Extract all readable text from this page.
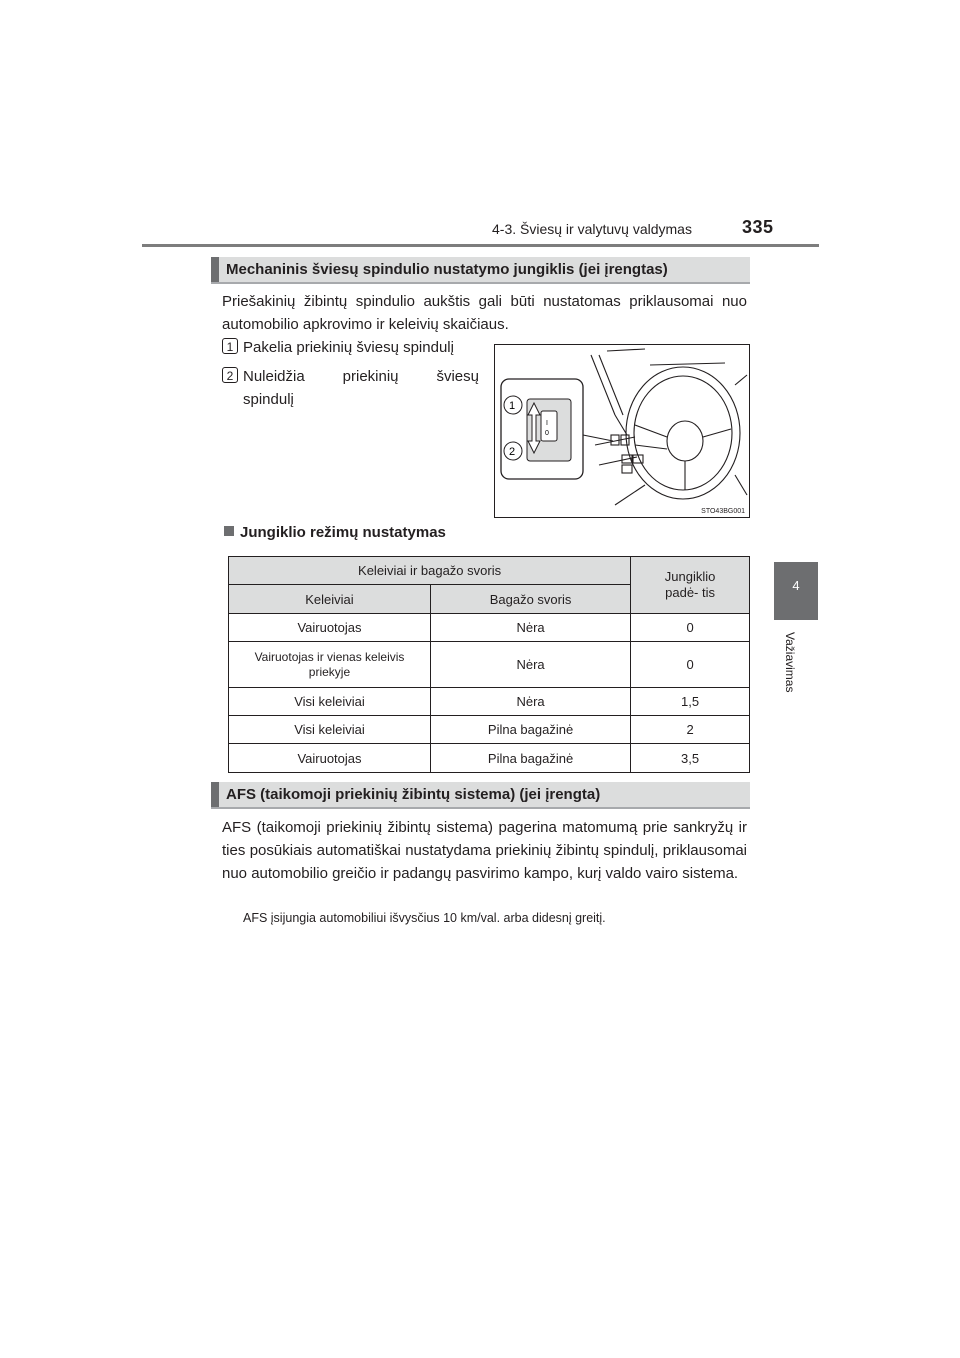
4-3. Šviesų ir valytuvų valdymas	335
4
Važiavimas
Mechaninis šviesų spindulio nustatymo jungiklis (jei įrengtas)
Priešakinių žibintų spindulio aukštis gali būti nustatomas priklausomai nuo automobilio apkrovimo ir keleivių skaičiaus.
1 Pakelia priekinių šviesų spindulį
2 Nuleidžia priekinių šviesų
spindulį
I
0
1
2
STO43BG001
Jungiklio režimų nustatymas
Keleiviai ir bagažo svoris		Jungiklio padė- tis
Keleiviai	Bagažo svoris	
Vairuotojas	Nėra	0
Vairuotojas ir vienas keleivis priekyje	Nėra	0
Visi keleiviai	Nėra	1,5
Visi keleiviai	Pilna bagažinė	2
Vairuotojas	Pilna bagažinė	3,5
AFS (taikomoji priekinių žibintų sistema) (jei įrengta)
AFS (taikomoji priekinių žibintų sistema) pagerina matomumą prie sankryžų ir ties posūkiais automatiškai nustatydama priekinių žibintų spindulį, priklausomai nuo automobilio greičio ir padangų pasvirimo kampo, kurį valdo vairo sistema.
AFS įsijungia automobiliui išvysčius 10 km/val. arba didesnį greitį.
